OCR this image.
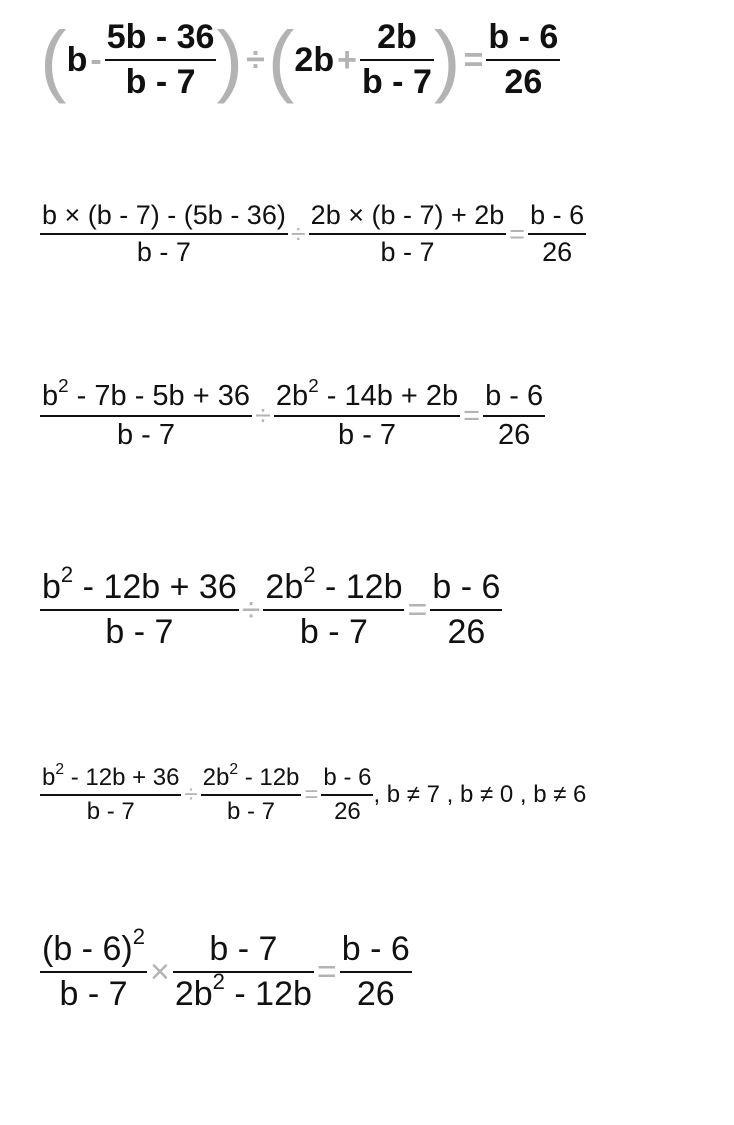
( b - $\frac{5b - 36}{b - 7}$ ) ÷ ( $2b + \frac{2b}{b - 7}$ ) = $\frac{b - 6}{26}$
$\frac{b \times (b - 7) - (5b - 36)}{b - 7} \div \frac{2b \times (b - 7) + 2b}{b - 7} = \frac{b - 6}{26}$
$\frac{b^2 - 7b - 5b + 36}{b - 7} \div \frac{2b^2 - 14b + 2b}{b - 7} = \frac{b - 6}{26}$
$\frac{b^2 - 12b + 36}{b - 7} \div \frac{2b^2 - 12b}{b - 7} = \frac{b - 6}{26}$
$\frac{b^2 - 12b + 36}{b - 7} \div \frac{2b^2 - 12b}{b - 7} = \frac{b - 6}{26}$ , b ≠ 7 , b ≠ 0 , b ≠ 6
$\frac{(b - 6)^2}{b - 7} \times \frac{b - 7}{2b^2 - 12b} = \frac{b - 6}{26}$
